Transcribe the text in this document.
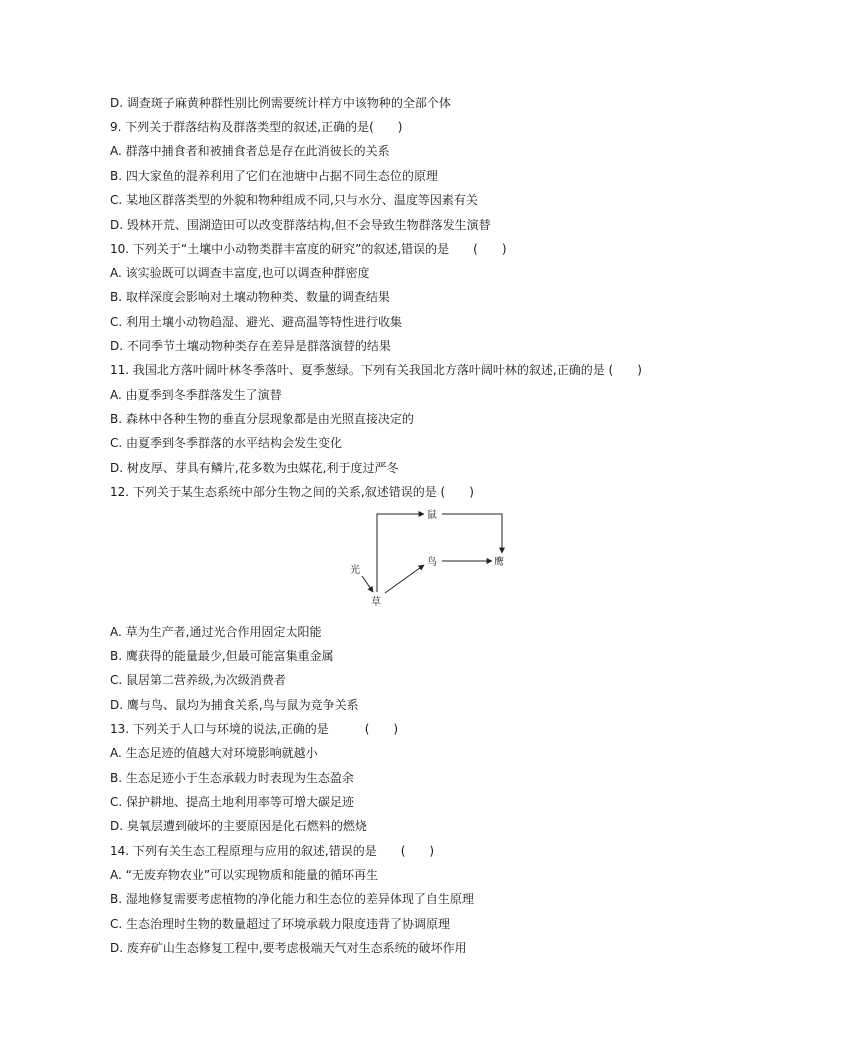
D. 调查斑子麻黄种群性别比例需要统计样方中该物种的全部个体
9. 下列关于群落结构及群落类型的叙述,正确的是(　　)
A. 群落中捕食者和被捕食者总是存在此消彼长的关系
B. 四大家鱼的混养利用了它们在池塘中占据不同生态位的原理
C. 某地区群落类型的外貌和物种组成不同,只与水分、温度等因素有关
D. 毁林开荒、围湖造田可以改变群落结构,但不会导致生物群落发生演替
10. 下列关于“土壤中小动物类群丰富度的研究”的叙述,错误的是　　(　　)
A. 该实验既可以调查丰富度,也可以调查种群密度
B. 取样深度会影响对土壤动物种类、数量的调查结果
C. 利用土壤小动物趋湿、避光、避高温等特性进行收集
D. 不同季节土壤动物种类存在差异是群落演替的结果
11. 我国北方落叶阔叶林冬季落叶、夏季葱绿。下列有关我国北方落叶阔叶林的叙述,正确的是 (　　)
A. 由夏季到冬季群落发生了演替
B. 森林中各种生物的垂直分层现象都是由光照直接决定的
C. 由夏季到冬季群落的水平结构会发生变化
D. 树皮厚、芽具有鳞片,花多数为虫媒花,利于度过严冬
12. 下列关于某生态系统中部分生物之间的关系,叙述错误的是 (　　)
鼠
鸟	鹰
光
草
A. 草为生产者,通过光合作用固定太阳能
B. 鹰获得的能量最少,但最可能富集重金属
C. 鼠居第二营养级,为次级消费者
D. 鹰与鸟、鼠均为捕食关系,鸟与鼠为竞争关系
13. 下列关于人口与环境的说法,正确的是　　　(　　)
A. 生态足迹的值越大对环境影响就越小
B. 生态足迹小于生态承载力时表现为生态盈余
C. 保护耕地、提高土地利用率等可增大碳足迹
D. 臭氧层遭到破坏的主要原因是化石燃料的燃烧
14. 下列有关生态工程原理与应用的叙述,错误的是　　(　　)
A. “无废弃物农业”可以实现物质和能量的循环再生
B. 湿地修复需要考虑植物的净化能力和生态位的差异体现了自生原理
C. 生态治理时生物的数量超过了环境承载力限度违背了协调原理
D. 废弃矿山生态修复工程中,要考虑极端天气对生态系统的破坏作用
